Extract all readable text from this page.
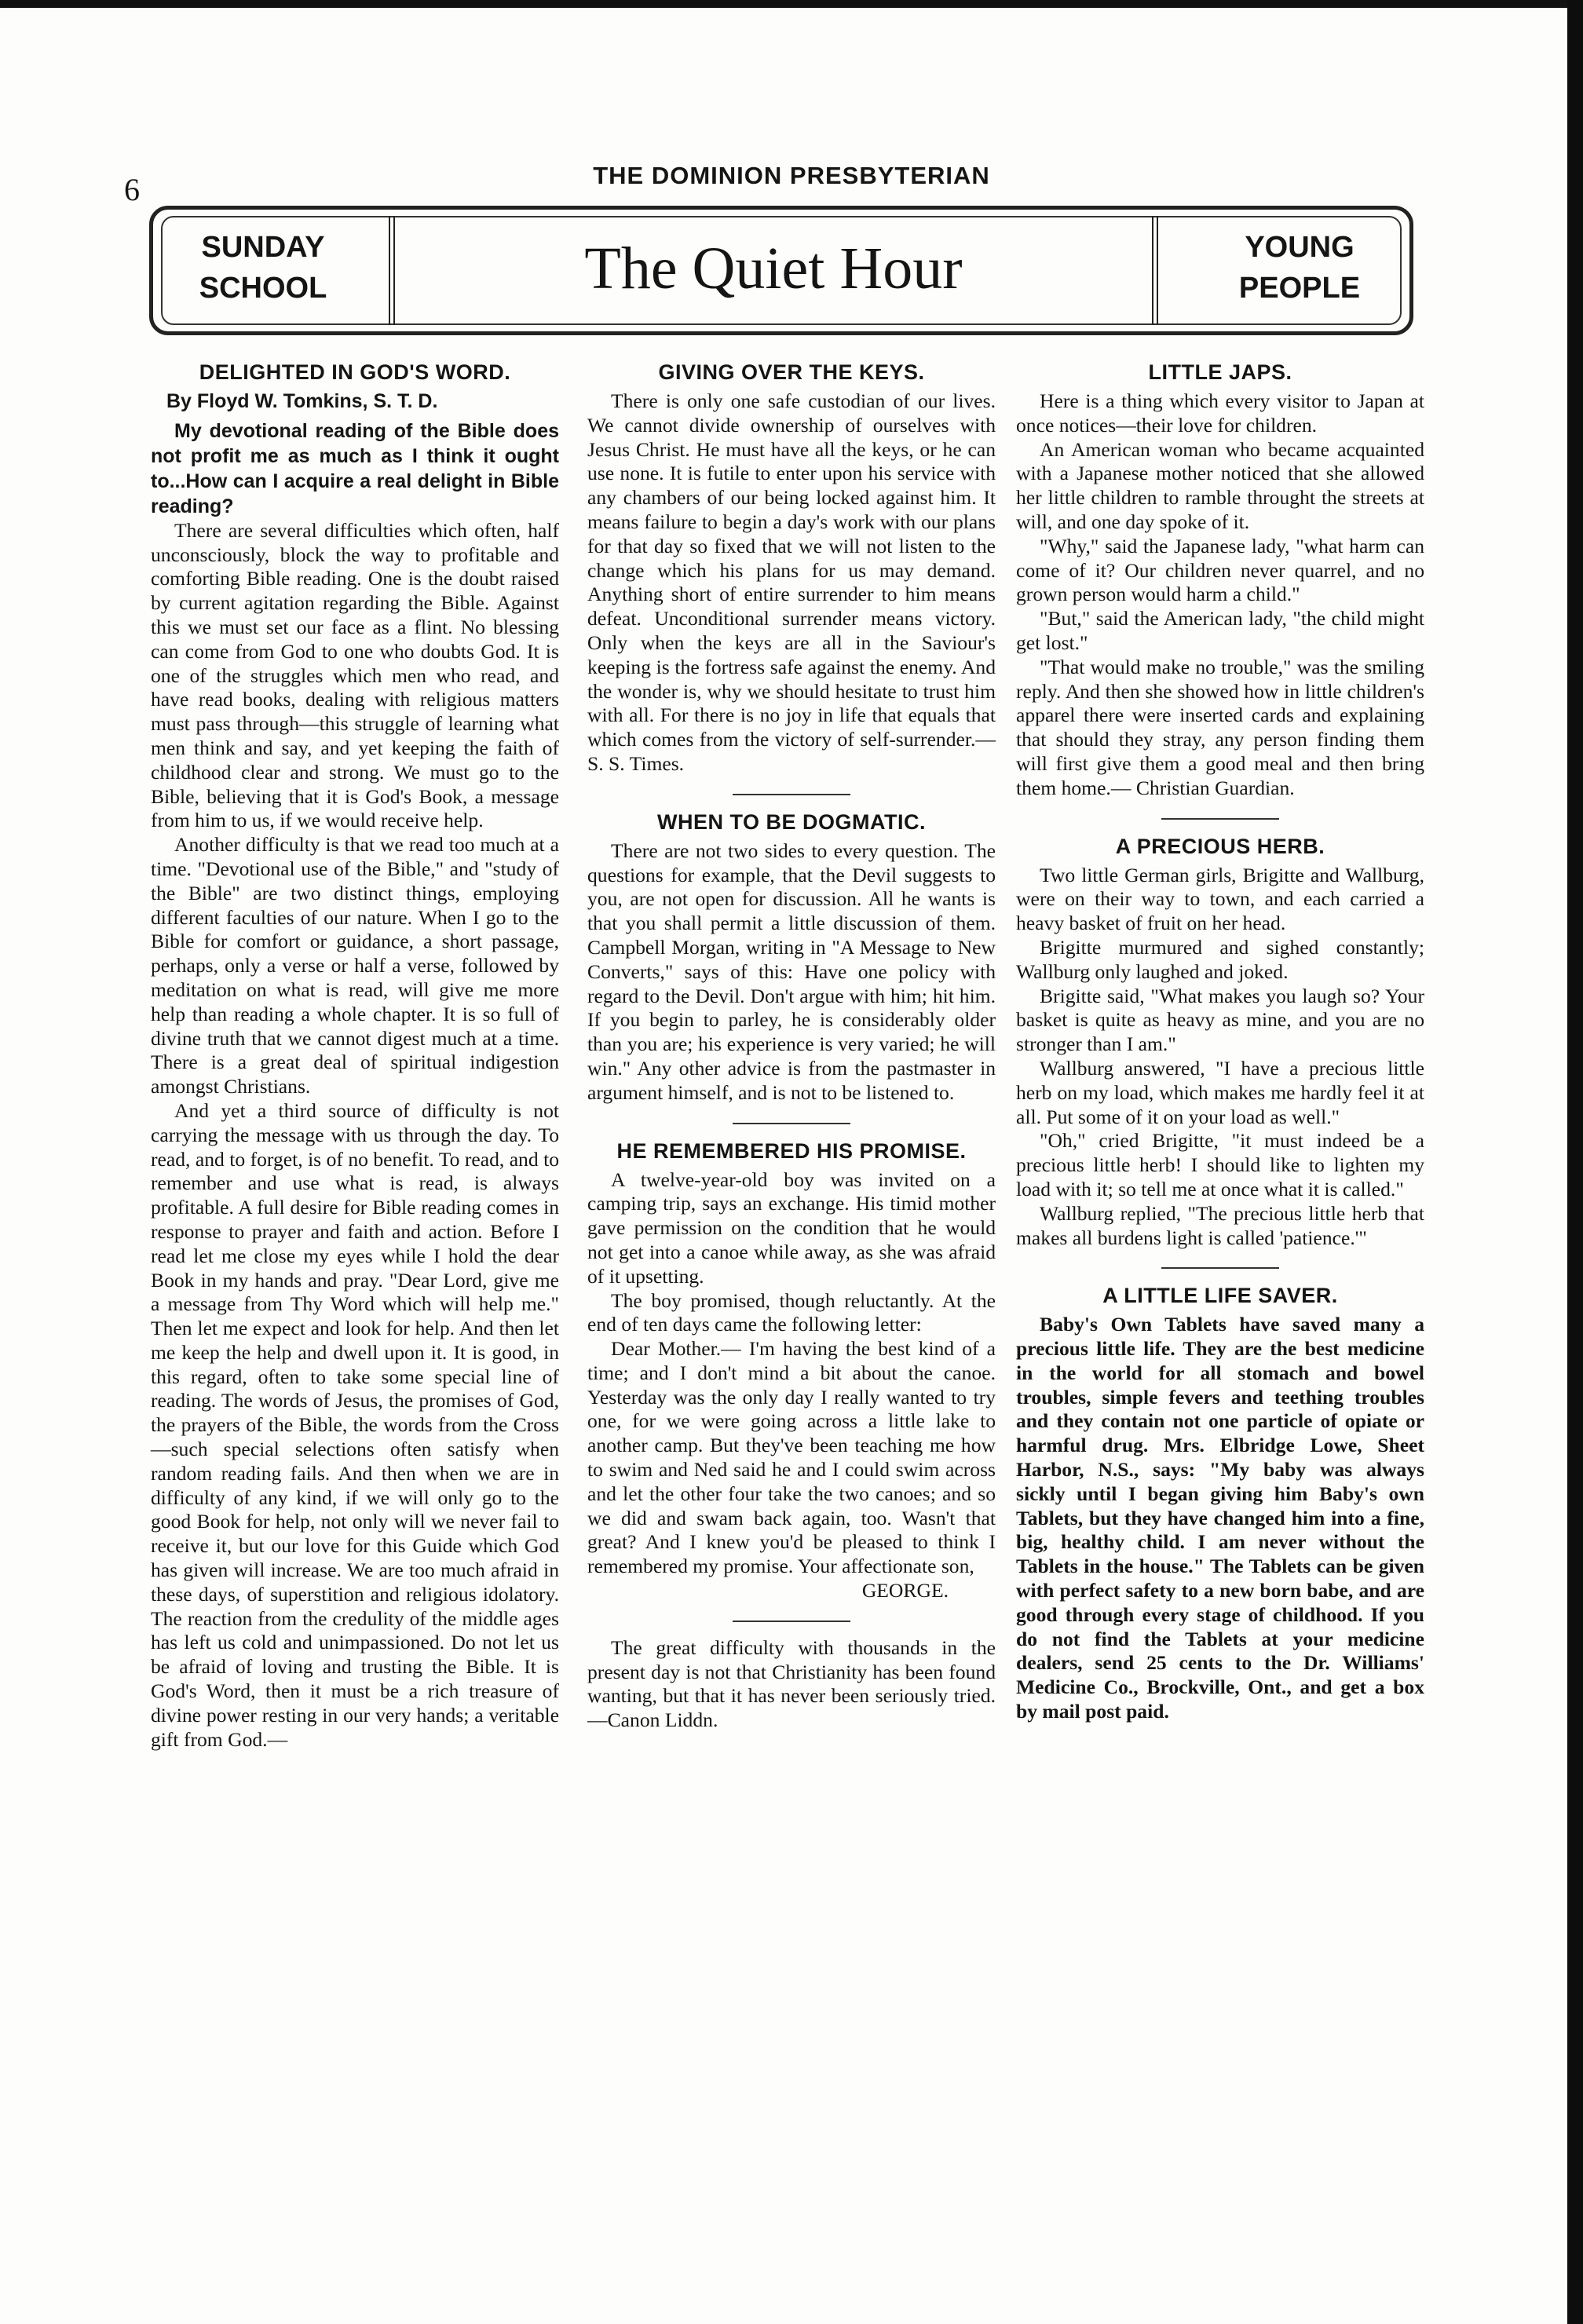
6	THE DOMINION PRESBYTERIAN
SUNDAY
SCHOOL	The Quiet Hour	YOUNG
PEOPLE
DELIGHTED IN GOD'S WORD.
By Floyd W. Tomkins, S. T. D.

My devotional reading of the Bible does not profit me as much as I think it ought to...How can I acquire a real delight in Bible reading?

There are several difficulties which often, half unconsciously, block the way to profitable and comforting Bible reading. One is the doubt raised by current agitation regarding the Bible. Against this we must set our face as a flint. No blessing can come from God to one who doubts God. It is one of the struggles which men who read, and have read books, dealing with religious matters must pass through—this struggle of learning what men think and say, and yet keeping the faith of childhood clear and strong. We must go to the Bible, believing that it is God's Book, a message from him to us, if we would receive help.

Another difficulty is that we read too much at a time. "Devotional use of the Bible," and "study of the Bible" are two distinct things, employing different faculties of our nature. When I go to the Bible for comfort or guidance, a short passage, perhaps, only a verse or half a verse, followed by meditation on what is read, will give me more help than reading a whole chapter. It is so full of divine truth that we cannot digest much at a time. There is a great deal of spiritual indigestion amongst Christians.

And yet a third source of difficulty is not carrying the message with us through the day. To read, and to forget, is of no benefit. To read, and to remember and use what is read, is always profitable. A full desire for Bible reading comes in response to prayer and faith and action. Before I read let me close my eyes while I hold the dear Book in my hands and pray. "Dear Lord, give me a message from Thy Word which will help me." Then let me expect and look for help. And then let me keep the help and dwell upon it. It is good, in this regard, often to take some special line of reading. The words of Jesus, the promises of God, the prayers of the Bible, the words from the Cross—such special selections often satisfy when random reading fails. And then when we are in difficulty of any kind, if we will only go to the good Book for help, not only will we never fail to receive it, but our love for this Guide which God has given will increase. We are too much afraid in these days, of superstition and religious idolatory. The reaction from the credulity of the middle ages has left us cold and unimpassioned. Do not let us be afraid of loving and trusting the Bible. It is God's Word, then it must be a rich treasure of divine power resting in our very hands; a veritable gift from God.—

GIVING OVER THE KEYS.

There is only one safe custodian of our lives. We cannot divide ownership of ourselves with Jesus Christ. He must have all the keys, or he can use none. It is futile to enter upon his service with any chambers of our being locked against him. It means failure to begin a day's work with our plans for that day so fixed that we will not listen to the change which his plans for us may demand. Anything short of entire surrender to him means defeat. Unconditional surrender means victory. Only when the keys are all in the Saviour's keeping is the fortress safe against the enemy. And the wonder is, why we should hesitate to trust him with all. For there is no joy in life that equals that which comes from the victory of self-surrender.— S. S. Times.

WHEN TO BE DOGMATIC.

There are not two sides to every question. The questions for example, that the Devil suggests to you, are not open for discussion. All he wants is that you shall permit a little discussion of them. Campbell Morgan, writing in "A Message to New Converts," says of this: Have one policy with regard to the Devil. Don't argue with him; hit him. If you begin to parley, he is considerably older than you are; his experience is very varied; he will win." Any other advice is from the pastmaster in argument himself, and is not to be listened to.

HE REMEMBERED HIS PROMISE.

A twelve-year-old boy was invited on a camping trip, says an exchange. His timid mother gave permission on the condition that he would not get into a canoe while away, as she was afraid of it upsetting.

The boy promised, though reluctantly. At the end of ten days came the following letter:

Dear Mother.— I'm having the best kind of a time; and I don't mind a bit about the canoe. Yesterday was the only day I really wanted to try one, for we were going across a little lake to another camp. But they've been teaching me how to swim and Ned said he and I could swim across and let the other four take the two canoes; and so we did and swam back again, too. Wasn't that great? And I knew you'd be pleased to think I remembered my promise. Your affectionate son,

GEORGE.

The great difficulty with thousands in the present day is not that Christianity has been found wanting, but that it has never been seriously tried.—Canon Liddn.

LITTLE JAPS.

Here is a thing which every visitor to Japan at once notices—their love for children.

An American woman who became acquainted with a Japanese mother noticed that she allowed her little children to ramble throught the streets at will, and one day spoke of it.

"Why," said the Japanese lady, "what harm can come of it? Our children never quarrel, and no grown person would harm a child."

"But," said the American lady, "the child might get lost."

"That would make no trouble," was the smiling reply. And then she showed how in little children's apparel there were inserted cards and explaining that should they stray, any person finding them will first give them a good meal and then bring them home.— Christian Guardian.

A PRECIOUS HERB.

Two little German girls, Brigitte and Wallburg, were on their way to town, and each carried a heavy basket of fruit on her head.

Brigitte murmured and sighed constantly; Wallburg only laughed and joked.

Brigitte said, "What makes you laugh so? Your basket is quite as heavy as mine, and you are no stronger than I am."

Wallburg answered, "I have a precious little herb on my load, which makes me hardly feel it at all. Put some of it on your load as well."

"Oh," cried Brigitte, "it must indeed be a precious little herb! I should like to lighten my load with it; so tell me at once what it is called."

Wallburg replied, "The precious little herb that makes all burdens light is called 'patience.'"

A LITTLE LIFE SAVER.

Baby's Own Tablets have saved many a precious little life. They are the best medicine in the world for all stomach and bowel troubles, simple fevers and teething troubles and they contain not one particle of opiate or harmful drug. Mrs. Elbridge Lowe, Sheet Harbor, N.S., says: "My baby was always sickly until I began giving him Baby's own Tablets, but they have changed him into a fine, big, healthy child. I am never without the Tablets in the house." The Tablets can be given with perfect safety to a new born babe, and are good through every stage of childhood. If you do not find the Tablets at your medicine dealers, send 25 cents to the Dr. Williams' Medicine Co., Brockville, Ont., and get a box by mail post paid.
